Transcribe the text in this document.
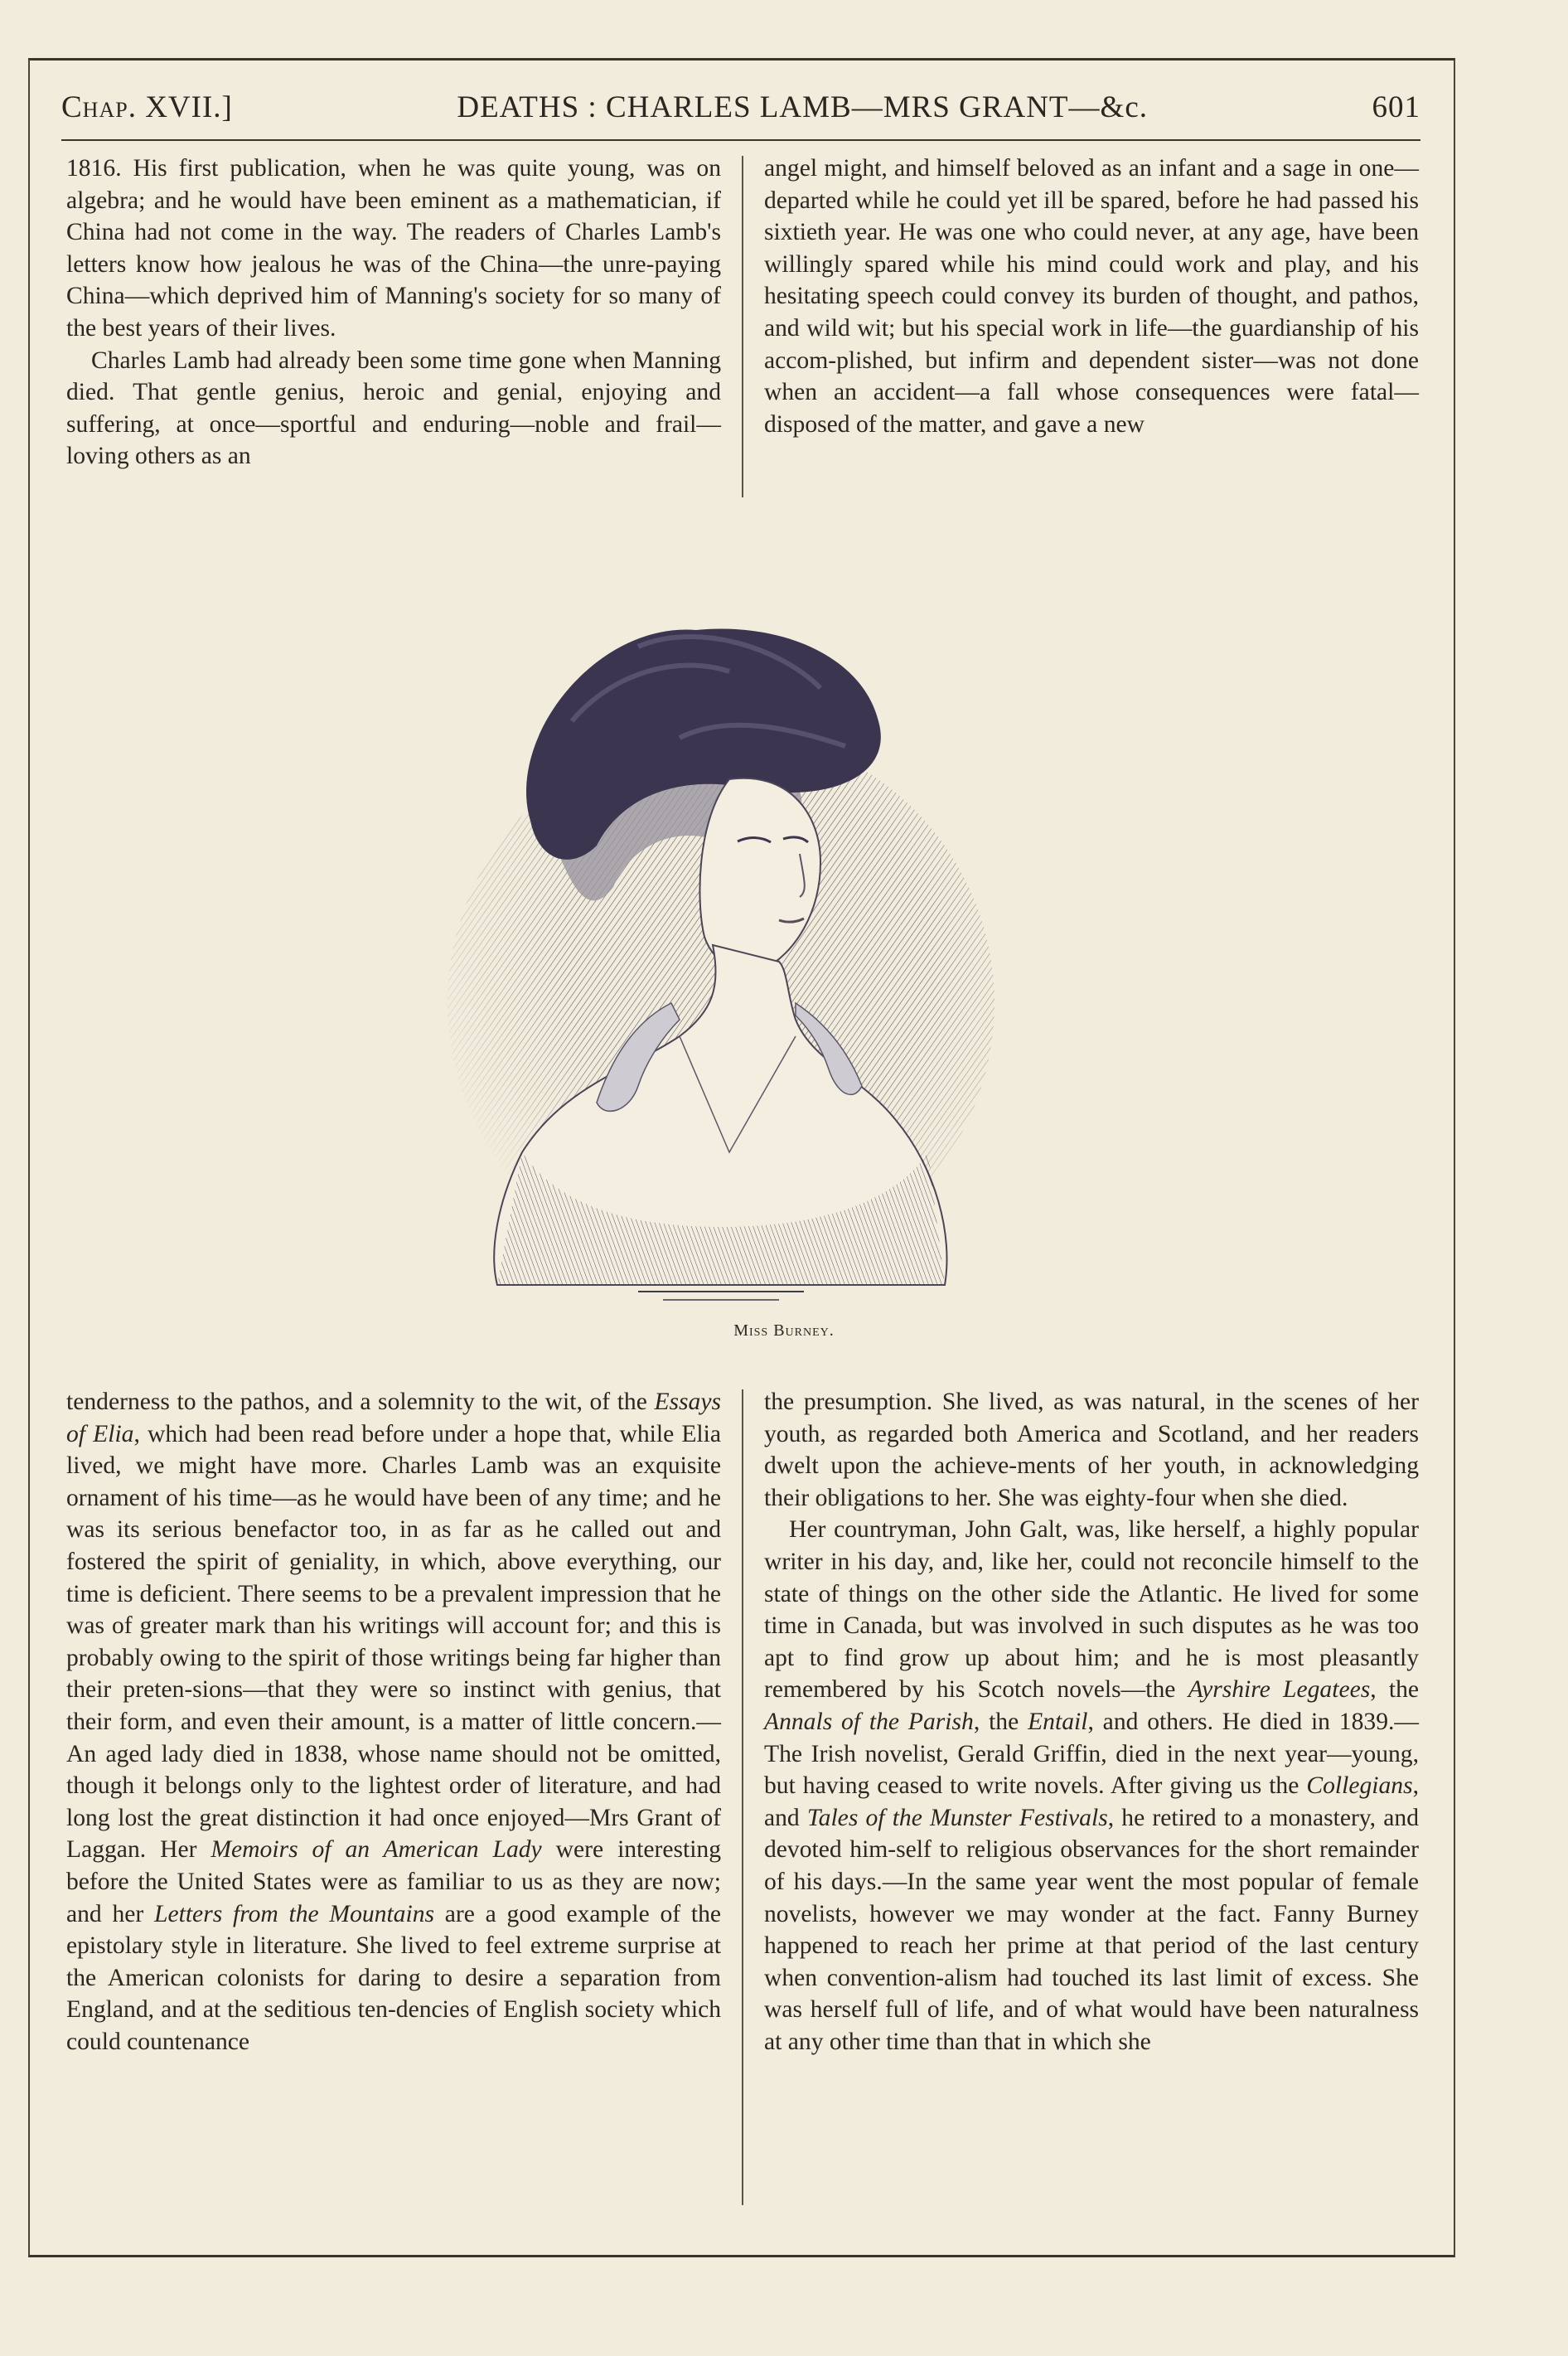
Chap. XVII.]	DEATHS : CHARLES LAMB—MRS GRANT—&c.	601

1816. His first publication, when he was quite young, was on algebra; and he would have been eminent as a mathematician, if China had not come in the way. The readers of Charles Lamb's letters know how jealous he was of the China—the unre-paying China—which deprived him of Manning's society for so many of the best years of their lives.

Charles Lamb had already been some time gone when Manning died. That gentle genius, heroic and genial, enjoying and suffering, at once—sportful and enduring—noble and frail—loving others as an

angel might, and himself beloved as an infant and a sage in one—departed while he could yet ill be spared, before he had passed his sixtieth year. He was one who could never, at any age, have been willingly spared while his mind could work and play, and his hesitating speech could convey its burden of thought, and pathos, and wild wit; but his special work in life—the guardianship of his accom-plished, but infirm and dependent sister—was not done when an accident—a fall whose consequences were fatal—disposed of the matter, and gave a new

Miss Burney.

tenderness to the pathos, and a solemnity to the wit, of the Essays of Elia, which had been read before under a hope that, while Elia lived, we might have more. Charles Lamb was an exquisite ornament of his time—as he would have been of any time; and he was its serious benefactor too, in as far as he called out and fostered the spirit of geniality, in which, above everything, our time is deficient. There seems to be a prevalent impression that he was of greater mark than his writings will account for; and this is probably owing to the spirit of those writings being far higher than their preten-sions—that they were so instinct with genius, that their form, and even their amount, is a matter of little concern.—An aged lady died in 1838, whose name should not be omitted, though it belongs only to the lightest order of literature, and had long lost the great distinction it had once enjoyed—Mrs Grant of Laggan. Her Memoirs of an American Lady were interesting before the United States were as familiar to us as they are now; and her Letters from the Mountains are a good example of the epistolary style in literature. She lived to feel extreme surprise at the American colonists for daring to desire a separation from England, and at the seditious ten-dencies of English society which could countenance

the presumption. She lived, as was natural, in the scenes of her youth, as regarded both America and Scotland, and her readers dwelt upon the achieve-ments of her youth, in acknowledging their obligations to her. She was eighty-four when she died.

Her countryman, John Galt, was, like herself, a highly popular writer in his day, and, like her, could not reconcile himself to the state of things on the other side the Atlantic. He lived for some time in Canada, but was involved in such disputes as he was too apt to find grow up about him; and he is most pleasantly remembered by his Scotch novels—the Ayrshire Legatees, the Annals of the Parish, the Entail, and others. He died in 1839.—The Irish novelist, Gerald Griffin, died in the next year—young, but having ceased to write novels. After giving us the Collegians, and Tales of the Munster Festivals, he retired to a monastery, and devoted him-self to religious observances for the short remainder of his days.—In the same year went the most popular of female novelists, however we may wonder at the fact. Fanny Burney happened to reach her prime at that period of the last century when convention-alism had touched its last limit of excess. She was herself full of life, and of what would have been naturalness at any other time than that in which she
